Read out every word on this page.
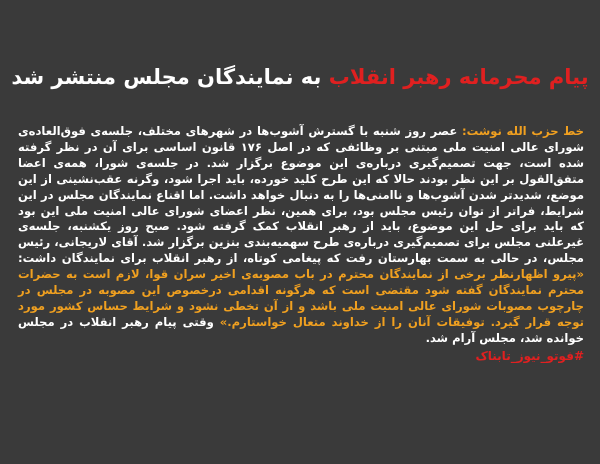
پیام محرمانه رهبر انقلاب به نمایندگان مجلس منتشر شد
خط حزب الله نوشت: عصر روز شنبه با گسترش آشوب‌ها در شهرهای مختلف، جلسه‌ی فوق‌العاده‌ی شورای عالی امنیت ملی مبتنی بر وظائفی که در اصل ۱۷۶ قانون اساسی برای آن در نظر گرفته شده است، جهت تصمیم‌گیری درباره‌ی این موضوع برگزار شد. در جلسه‌ی شورا، همه‌ی اعضا متفق‌القول بر این نظر بودند حالا که این طرح کلید خورده، باید اجرا شود، وگرنه عقب‌نشینی از این موضع، شدیدتر شدن آشوب‌ها و ناامنی‌ها را به دنبال خواهد داشت. اما اقناع نمایندگان مجلس در این شرایط، فراتر از توان رئیس مجلس بود، برای همین، نظر اعضای شورای عالی امنیت ملی این بود که باید برای حل این موضوع، باید از رهبر انقلاب کمک گرفته شود. صبح روز یکشنبه، جلسه‌ی غیرعلنی مجلس برای تصمیم‌گیری درباره‌ی طرح سهمیه‌بندی بنزین برگزار شد. آقای لاریجانی، رئیس مجلس، در حالی به سمت بهارستان رفت که پیغامی کوتاه، از رهبر انقلاب برای نمایندگان داشت: «پیرو اظهارنظر برخی از نمایندگان محترم در باب مصوبه‌ی اخیر سران قوا، لازم است به حضرات محترم نمایندگان گفته شود مقتضی است که هرگونه اقدامی درخصوص این مصوبه در مجلس در چارچوب مصوبات شورای عالی امنیت ملی باشد و از آن تخطی نشود و شرایط حساس کشور مورد توجه قرار گیرد. توفیقات آنان را از خداوند متعال خواستارم.» وقتی پیام رهبر انقلاب در مجلس خوانده شد، مجلس آرام شد.
#فوتو_نیوز_تابناک
